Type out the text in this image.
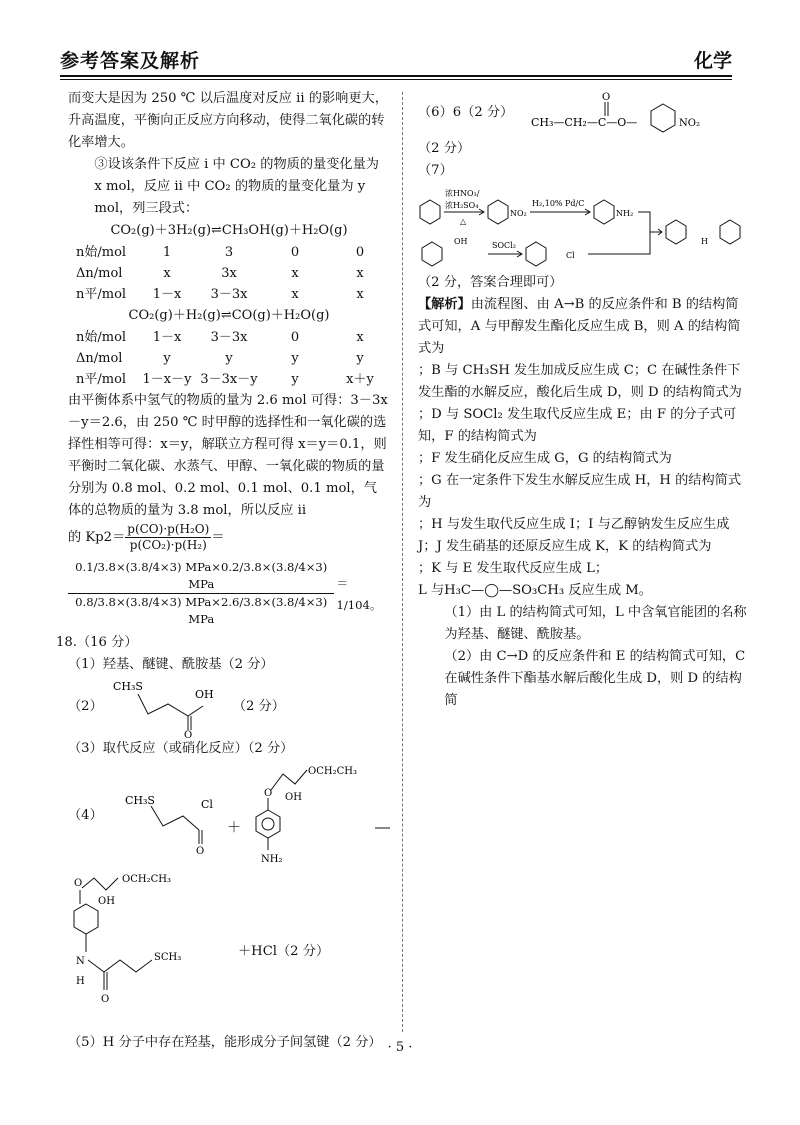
参考答案及解析	化学

而变大是因为 250 ℃ 以后温度对反应 ii 的影响更大，升高温度，平衡向正反应方向移动，使得二氧化碳的转化率增大。

③设该条件下反应 i 中 CO₂ 的物质的量变化量为 x mol，反应 ii 中 CO₂ 的物质的量变化量为 y mol，列三段式：

CO₂(g)＋3H₂(g)⇌CH₃OH(g)＋H₂O(g)
n始/mol	1	3	0	0
Δn/mol	x	3x	x	x
n平/mol	1－x	3－3x	x	x
CO₂(g)＋H₂(g)⇌CO(g)＋H₂O(g)
n始/mol	1－x	3－3x	0	x
Δn/mol	y	y	y	y
n平/mol	1－x－y 3－3x－y	y	x＋y

由平衡体系中氢气的物质的量为 2.6 mol 可得：3－3x－y＝2.6，由 250 ℃ 时甲醇的选择性和一氧化碳的选择性相等可得：x＝y，解联立方程可得 x＝y＝0.1，则平衡时二氧化碳、水蒸气、甲醇、一氧化碳的物质的量分别为 0.8 mol、0.2 mol、0.1 mol、0.1 mol，气体的总物质的量为 3.8 mol，所以反应 ii

的 $Kp2= \frac{\text{p(CO)·p(H₂O)}}{\text{p(CO₂)·p(H₂)}}$ ＝
$\frac{\text{0.1/3.8×(3.8/4×3) MPa×0.2/3.8×(3.8/4×3) MPa}}{\text{0.8/3.8×(3.8/4×3) MPa×2.6/3.8×(3.8/4×3) MPa}} =1/104$。

18.（16 分）

（1）羟基、醚键、酰胺基（2 分）

（2）
CH₃S
O
OH
（2 分）

（3）取代反应（或硝化反应）（2 分）

（4）
CH₃S
O
Cl
＋
O OH
OCH₂CH₃
NH₂
O
OH
OCH₂CH₃
N
H
O
SCH₃	＋HCl（2 分）

（5）H 分子中存在羟基，能形成分子间氢键（2 分）

（6）6（2 分）
CH₃—CH₂—C—O—
O
NO₂

（2 分）

（7）

浓HNO₃/
浓H₂SO₄
△
NO₂
H₂,10% Pd/C
NH₂
OH	SOCl₂
Cl
H

（2 分，答案合理即可）

【解析】由流程图、由 A→B 的反应条件和 B 的结构简式可知，A 与甲醇发生酯化反应生成 B，则 A 的结构简式为

；B 与 CH₃SH 发生加成反应生成 C；C 在碱性条件下发生酯的水解反应，酸化后生成 D，则 D 的结构简式为

；D 与 SOCl₂ 发生取代反应生成 E；由 F 的分子式可知，F 的结构简式为

；F 发生硝化反应生成 G，G 的结构简式为

；G 在一定条件下发生水解反应生成 H，H 的结构简式为

；H 与发生取代反应生成 I；I 与乙醇钠发生反应生成 J；J 发生硝基的还原反应生成 K，K 的结构简式为

；K 与 E 发生取代反应生成 L；

L 与H₃C—◯—SO₃CH₃ 反应生成 M。

（1）由 L 的结构简式可知，L 中含氧官能团的名称为羟基、醚键、酰胺基。

（2）由 C→D 的反应条件和 E 的结构简式可知，C 在碱性条件下酯基水解后酸化生成 D，则 D 的结构简

· 5 ·
